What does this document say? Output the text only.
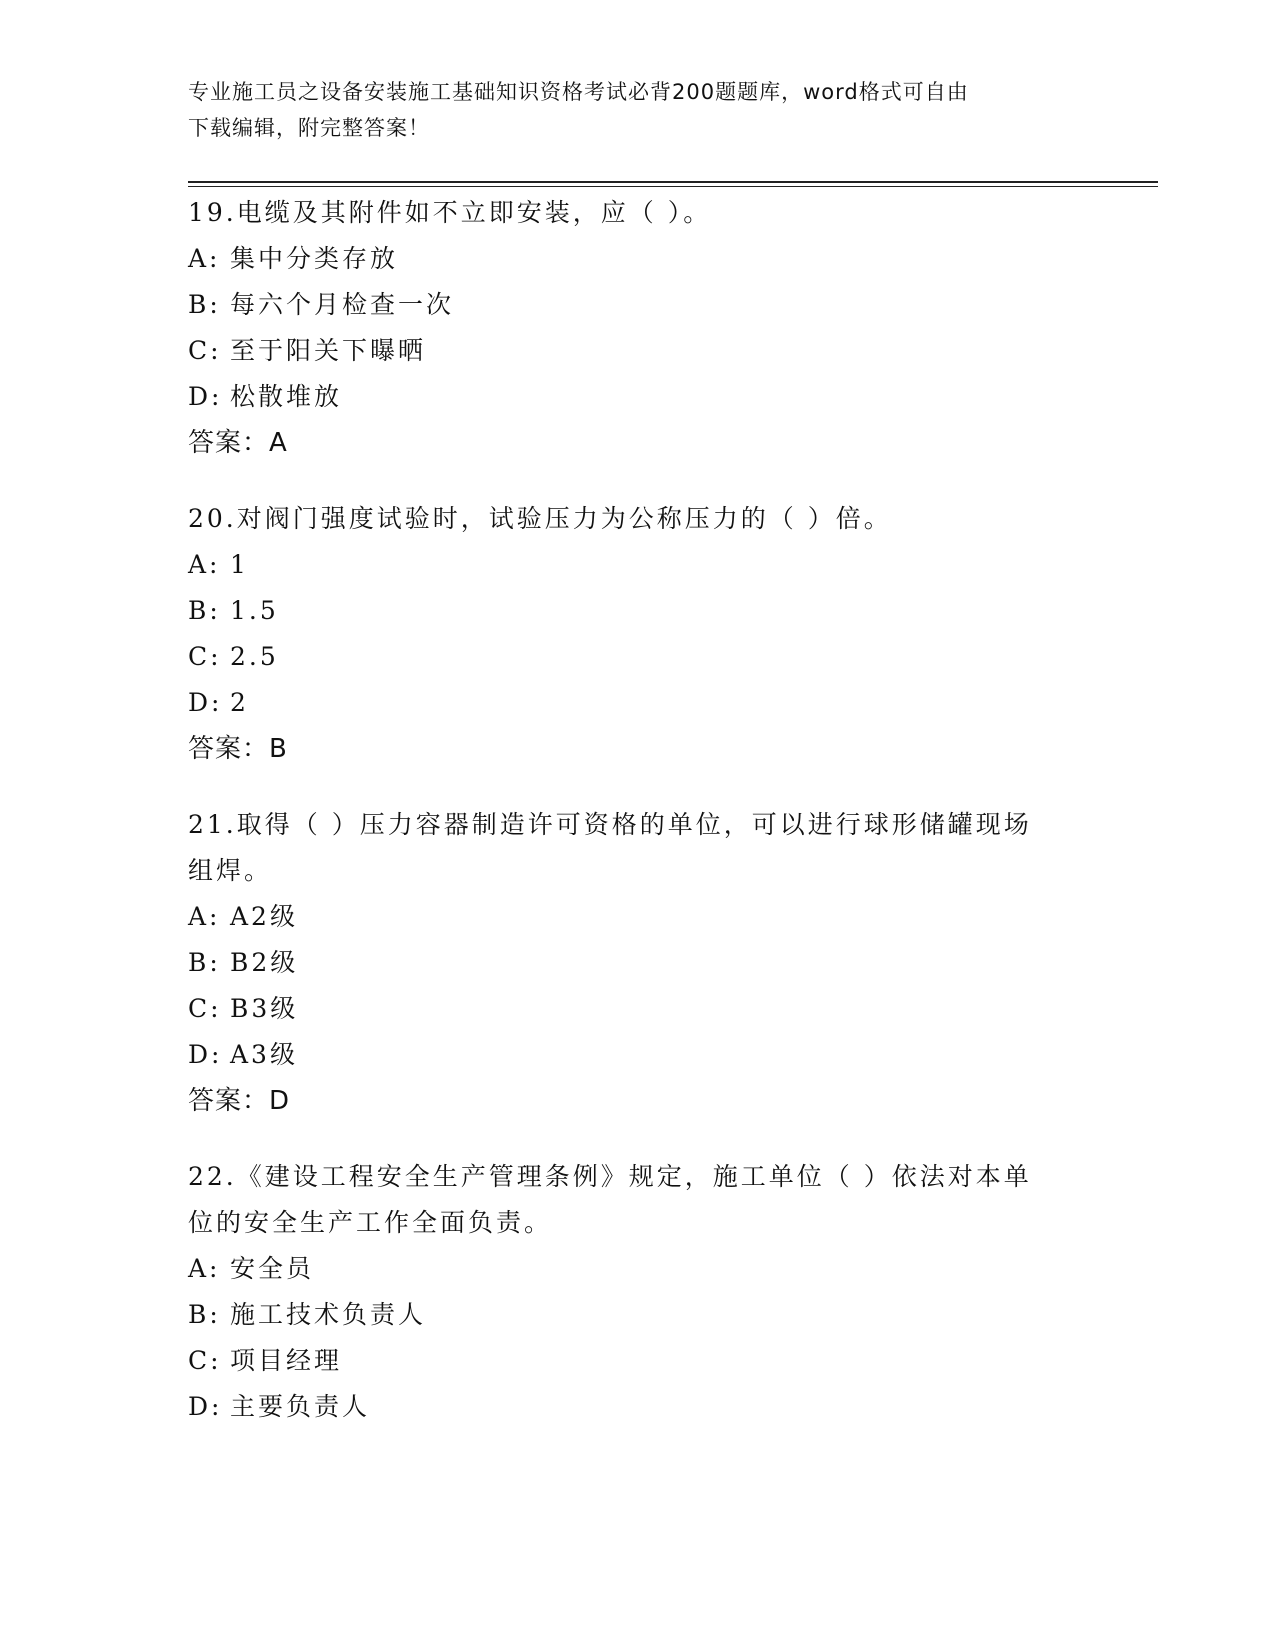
专业施工员之设备安装施工基础知识资格考试必背200题题库，word格式可自由
下载编辑，附完整答案！
19.电缆及其附件如不立即安装，应（ ）。
A: 集中分类存放
B: 每六个月检查一次
C: 至于阳关下曝晒
D: 松散堆放
答案：A
20.对阀门强度试验时，试验压力为公称压力的（ ）倍。
A: 1
B: 1.5
C: 2.5
D: 2
答案：B
21.取得（ ）压力容器制造许可资格的单位，可以进行球形储罐现场
组焊。
A: A2级
B: B2级
C: B3级
D: A3级
答案：D
22.《建设工程安全生产管理条例》规定，施工单位（ ）依法对本单
位的安全生产工作全面负责。
A: 安全员
B: 施工技术负责人
C: 项目经理
D: 主要负责人
